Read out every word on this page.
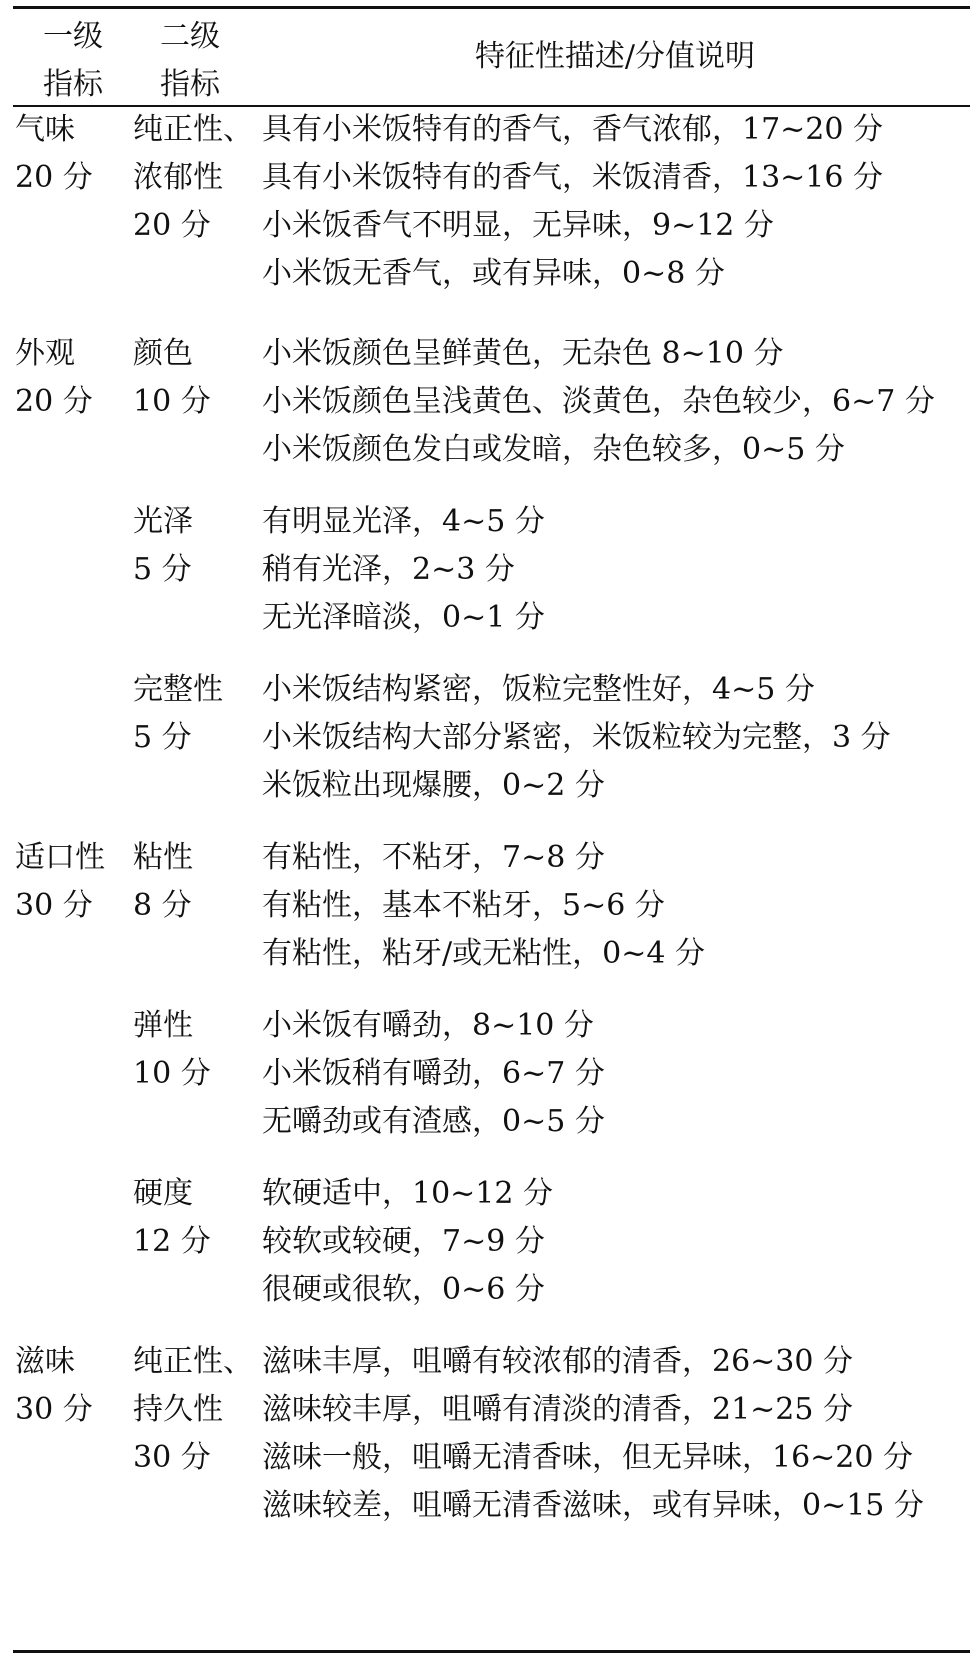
一级
指标
二级
指标
特征性描述/分值说明
气味
20 分
纯正性、
浓郁性
20 分
具有小米饭特有的香气，香气浓郁，17~20 分
具有小米饭特有的香气，米饭清香，13~16 分
小米饭香气不明显，无异味，9~12 分
小米饭无香气，或有异味，0~8 分
外观
20 分
颜色
10 分
小米饭颜色呈鲜黄色，无杂色 8~10 分
小米饭颜色呈浅黄色、淡黄色，杂色较少，6~7 分
小米饭颜色发白或发暗，杂色较多，0~5 分
光泽
5 分
有明显光泽，4~5 分
稍有光泽，2~3 分
无光泽暗淡，0~1 分
完整性
5 分
小米饭结构紧密，饭粒完整性好，4~5 分
小米饭结构大部分紧密，米饭粒较为完整，3 分
米饭粒出现爆腰，0~2 分
适口性
30 分
粘性
8 分
有粘性，不粘牙，7~8 分
有粘性，基本不粘牙，5~6 分
有粘性，粘牙/或无粘性，0~4 分
弹性
10 分
小米饭有嚼劲，8~10 分
小米饭稍有嚼劲，6~7 分
无嚼劲或有渣感，0~5 分
硬度
12 分
软硬适中，10~12 分
较软或较硬，7~9 分
很硬或很软，0~6 分
滋味
30 分
纯正性、
持久性
30 分
滋味丰厚，咀嚼有较浓郁的清香，26~30 分
滋味较丰厚，咀嚼有清淡的清香，21~25 分
滋味一般，咀嚼无清香味，但无异味，16~20 分
滋味较差，咀嚼无清香滋味，或有异味，0~15 分
